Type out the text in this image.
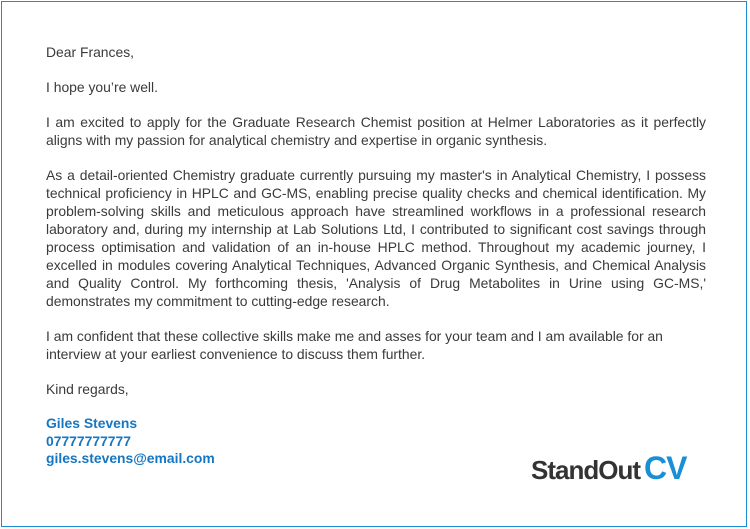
Dear Frances,

I hope you’re well.

I am excited to apply for the Graduate Research Chemist position at Helmer Laboratories as it perfectly aligns with my passion for analytical chemistry and expertise in organic synthesis.

As a detail-oriented Chemistry graduate currently pursuing my master's in Analytical Chemistry, I possess technical proficiency in HPLC and GC-MS, enabling precise quality checks and chemical identification. My problem-solving skills and meticulous approach have streamlined workflows in a professional research laboratory and, during my internship at Lab Solutions Ltd, I contributed to significant cost savings through process optimisation and validation of an in-house HPLC method. Throughout my academic journey, I excelled in modules covering Analytical Techniques, Advanced Organic Synthesis, and Chemical Analysis and Quality Control. My forthcoming thesis, 'Analysis of Drug Metabolites in Urine using GC-MS,' demonstrates my commitment to cutting-edge research.

I am confident that these collective skills make me and asses for your team and I am available for an interview at your earliest convenience to discuss them further.

Kind regards,

Giles Stevens
07777777777
giles.stevens@email.com	StandOut CV
